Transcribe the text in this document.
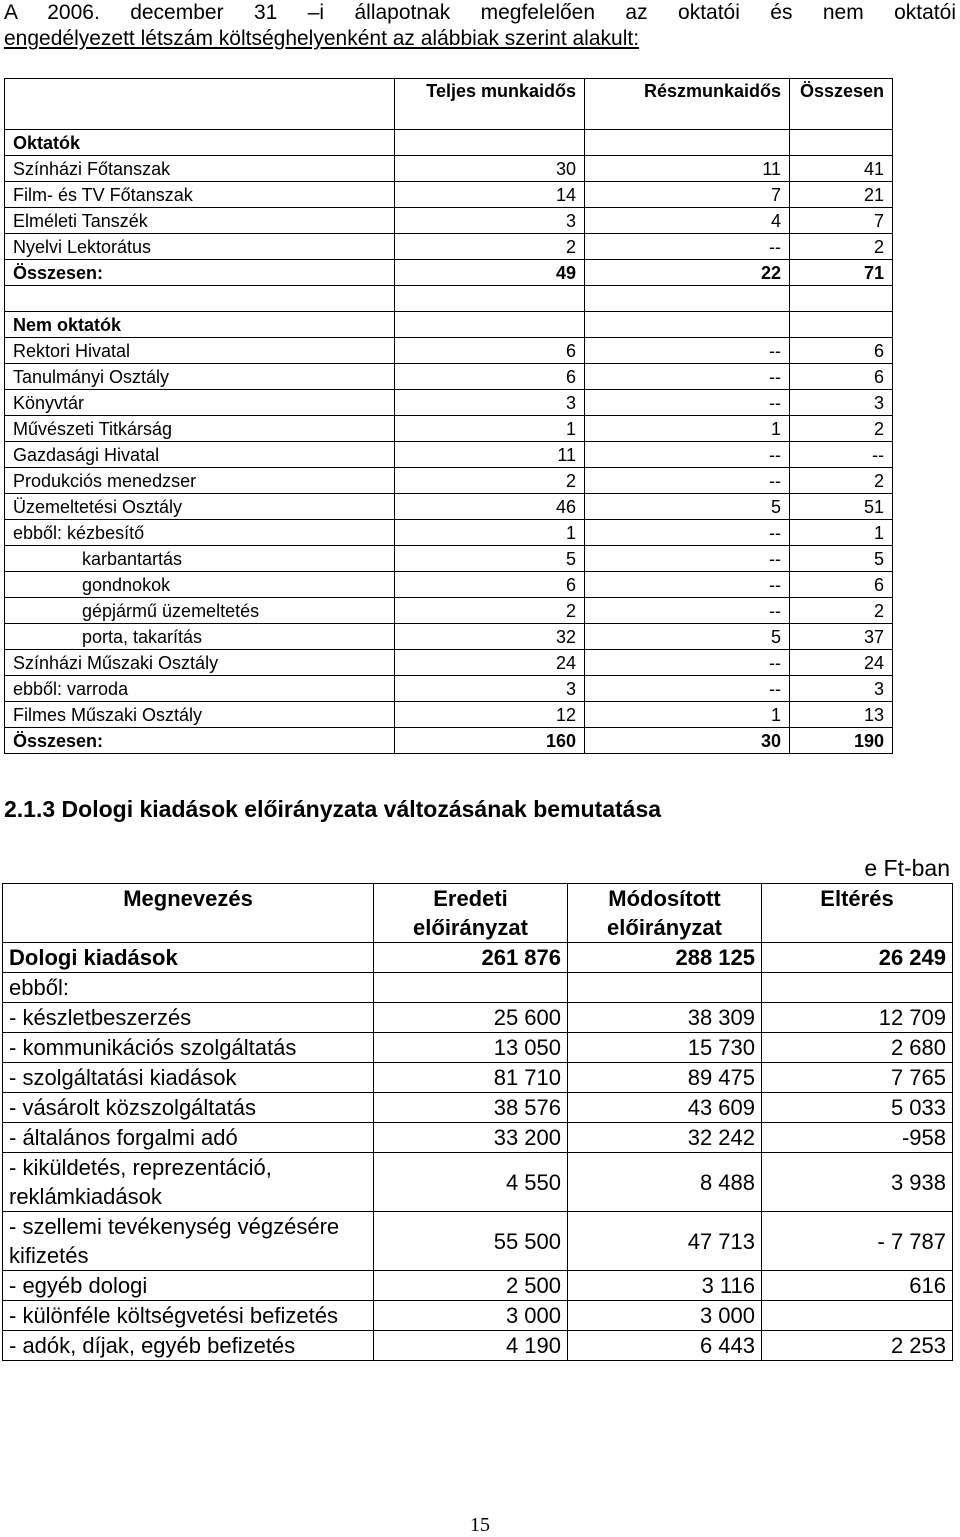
A 2006. december 31 –i állapotnak megfelelően az oktatói és nem oktatói
engedélyezett létszám költséghelyenként az alábbiak szerint alakult:
	Teljes munkaidős	Részmunkaidős	Összesen
Oktatók			
Színházi Főtanszak	30	11	41
Film- és TV Főtanszak	14	7	21
Elméleti Tanszék	3	4	7
Nyelvi Lektorátus	2	--	2
Összesen:	49	22	71

Nem oktatók			
Rektori Hivatal	6	--	6
Tanulmányi Osztály	6	--	6
Könyvtár	3	--	3
Művészeti Titkárság	1	1	2
Gazdasági Hivatal	11	--	--
Produkciós menedzser	2	--	2
Üzemeltetési Osztály	46	5	51
ebből: kézbesítő	1	--	1
karbantartás	5	--	5
gondnokok	6	--	6
gépjármű üzemeltetés	2	--	2
porta, takarítás	32	5	37
Színházi Műszaki Osztály	24	--	24
ebből: varroda	3	--	3
Filmes Műszaki Osztály	12	1	13
Összesen:	160	30	190
2.1.3 Dologi kiadások előirányzata változásának bemutatása
e Ft-ban
Megnevezés	Eredeti előirányzat	Módosított előirányzat	Eltérés
Dologi kiadások	261 876	288 125	26 249
ebből:			
- készletbeszerzés	25 600	38 309	12 709
- kommunikációs szolgáltatás	13 050	15 730	2 680
- szolgáltatási kiadások	81 710	89 475	7 765
- vásárolt közszolgáltatás	38 576	43 609	5 033
- általános forgalmi adó	33 200	32 242	-958
- kiküldetés, reprezentáció, reklámkiadások	4 550	8 488	3 938
- szellemi tevékenység végzésére kifizetés	55 500	47 713	- 7 787
- egyéb dologi	2 500	3 116	616
- különféle költségvetési befizetés	3 000	3 000	
- adók, díjak, egyéb befizetés	4 190	6 443	2 253
15
